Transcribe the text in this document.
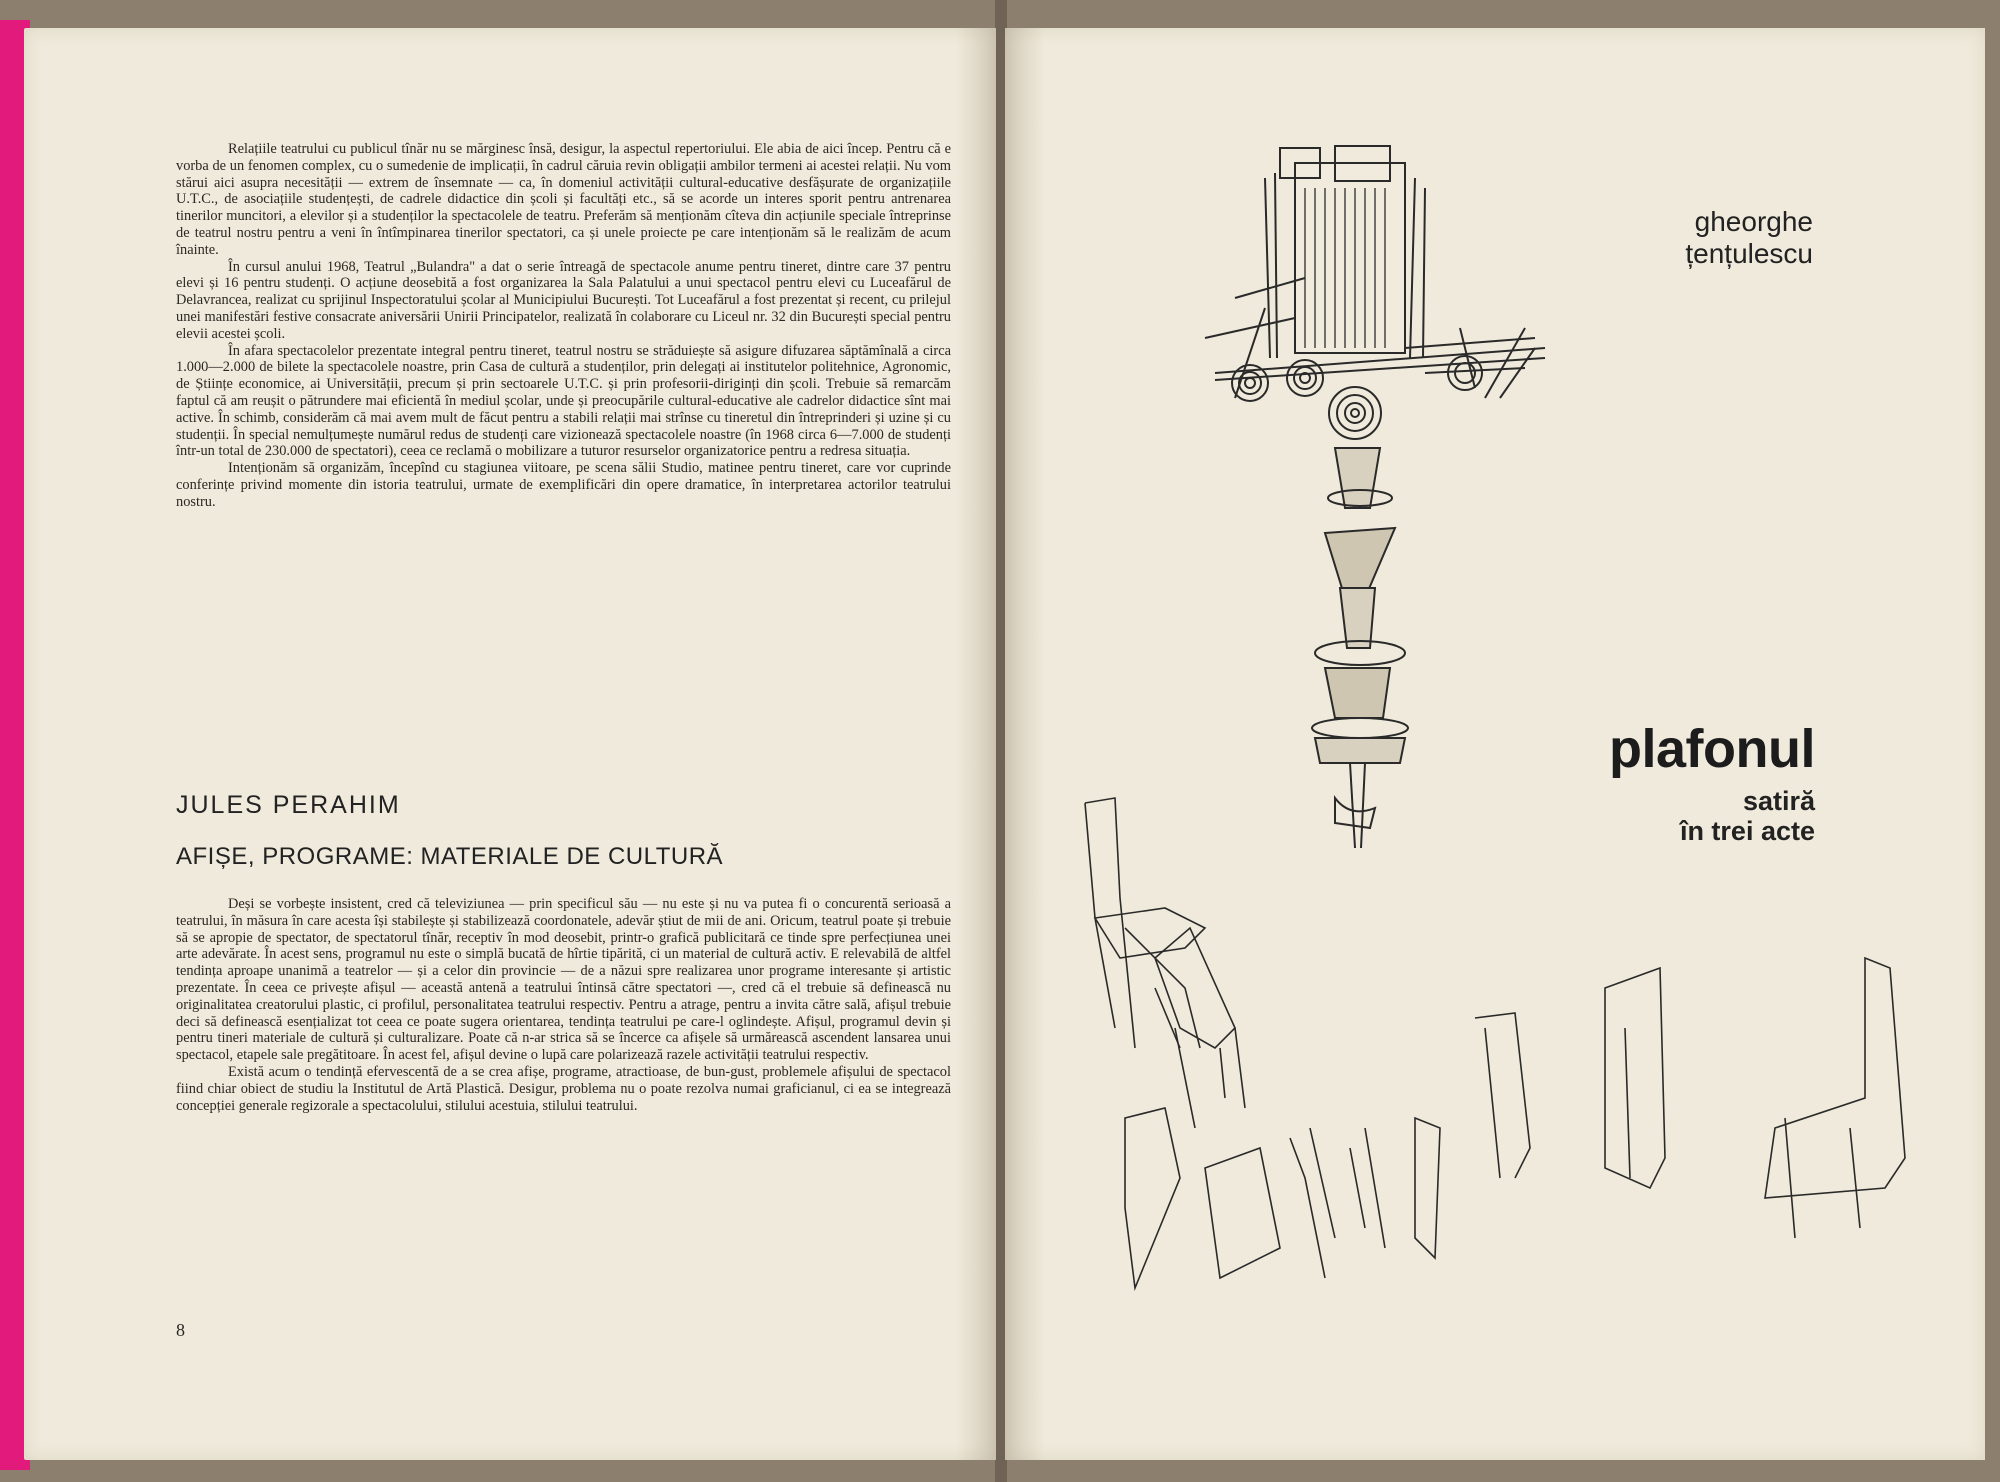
Relațiile teatrului cu publicul tînăr nu se mărginesc însă, desigur, la aspectul repertoriului. Ele abia de aici încep. Pentru că e vorba de un fenomen complex, cu o sumedenie de implicații, în cadrul căruia revin obligații ambilor termeni ai acestei relații. Nu vom stărui aici asupra necesității — extrem de însemnate — ca, în domeniul activității cultural-educative desfășurate de organizațiile U.T.C., de asociațiile studențești, de cadrele didactice din școli și facultăți etc., să se acorde un interes sporit pentru antrenarea tinerilor muncitori, a elevilor și a studenților la spectacolele de teatru. Preferăm să menționăm cîteva din acțiunile speciale întreprinse de teatrul nostru pentru a veni în întîmpinarea tinerilor spectatori, ca și unele proiecte pe care intenționăm să le realizăm de acum înainte.

În cursul anului 1968, Teatrul „Bulandra" a dat o serie întreagă de spectacole anume pentru tineret, dintre care 37 pentru elevi și 16 pentru studenți. O acțiune deosebită a fost organizarea la Sala Palatului a unui spectacol pentru elevi cu Luceafărul de Delavrancea, realizat cu sprijinul Inspectoratului școlar al Municipiului București. Tot Luceafărul a fost prezentat și recent, cu prilejul unei manifestări festive consacrate aniversării Unirii Principatelor, realizată în colaborare cu Liceul nr. 32 din București special pentru elevii acestei școli.

În afara spectacolelor prezentate integral pentru tineret, teatrul nostru se străduiește să asigure difuzarea săptămînală a circa 1.000—2.000 de bilete la spectacolele noastre, prin Casa de cultură a studenților, prin delegați ai institutelor politehnice, Agronomic, de Științe economice, ai Universității, precum și prin sectoarele U.T.C. și prin profesorii-diriginți din școli. Trebuie să remarcăm faptul că am reușit o pătrundere mai eficientă în mediul școlar, unde și preocupările cultural-educative ale cadrelor didactice sînt mai active. În schimb, considerăm că mai avem mult de făcut pentru a stabili relații mai strînse cu tineretul din întreprinderi și uzine și cu studenții. În special nemulțumește numărul redus de studenți care vizionează spectacolele noastre (în 1968 circa 6—7.000 de studenți într-un total de 230.000 de spectatori), ceea ce reclamă o mobilizare a tuturor resurselor organizatorice pentru a redresa situația.

Intenționăm să organizăm, începînd cu stagiunea viitoare, pe scena sălii Studio, matinee pentru tineret, care vor cuprinde conferințe privind momente din istoria teatrului, urmate de exemplificări din opere dramatice, în interpretarea actorilor teatrului nostru.

JULES PERAHIM
AFIȘE, PROGRAME: MATERIALE DE CULTURĂ

Deși se vorbește insistent, cred că televiziunea — prin specificul său — nu este și nu va putea fi o concurentă serioasă a teatrului, în măsura în care acesta își stabilește și stabilizează coordonatele, adevăr știut de mii de ani. Oricum, teatrul poate și trebuie să se apropie de spectator, de spectatorul tînăr, receptiv în mod deosebit, printr-o grafică publicitară ce tinde spre perfecțiunea unei arte adevărate. În acest sens, programul nu este o simplă bucată de hîrtie tipărită, ci un material de cultură activ. E relevabilă de altfel tendința aproape unanimă a teatrelor — și a celor din provincie — de a năzui spre realizarea unor programe interesante și artistic prezentate. În ceea ce privește afișul — această antenă a teatrului întinsă către spectatori —, cred că el trebuie să definească nu originalitatea creatorului plastic, ci profilul, personalitatea teatrului respectiv. Pentru a atrage, pentru a invita către sală, afișul trebuie deci să definească esențializat tot ceea ce poate sugera orientarea, tendința teatrului pe care-l oglindește. Afișul, programul devin și pentru tineri materiale de cultură și culturalizare. Poate că n-ar strica să se încerce ca afișele să urmărească ascendent lansarea unui spectacol, etapele sale pregătitoare. În acest fel, afișul devine o lupă care polarizează razele activității teatrului respectiv.

Există acum o tendință efervescentă de a se crea afișe, programe, atractioase, de bun-gust, problemele afișului de spectacol fiind chiar obiect de studiu la Institutul de Artă Plastică. Desigur, problema nu o poate rezolva numai graficianul, ci ea se integrează concepției generale regizorale a spectacolului, stilului acestuia, stilului teatrului.

8
gheorghe
țențulescu
plafonul
satiră
în trei acte
